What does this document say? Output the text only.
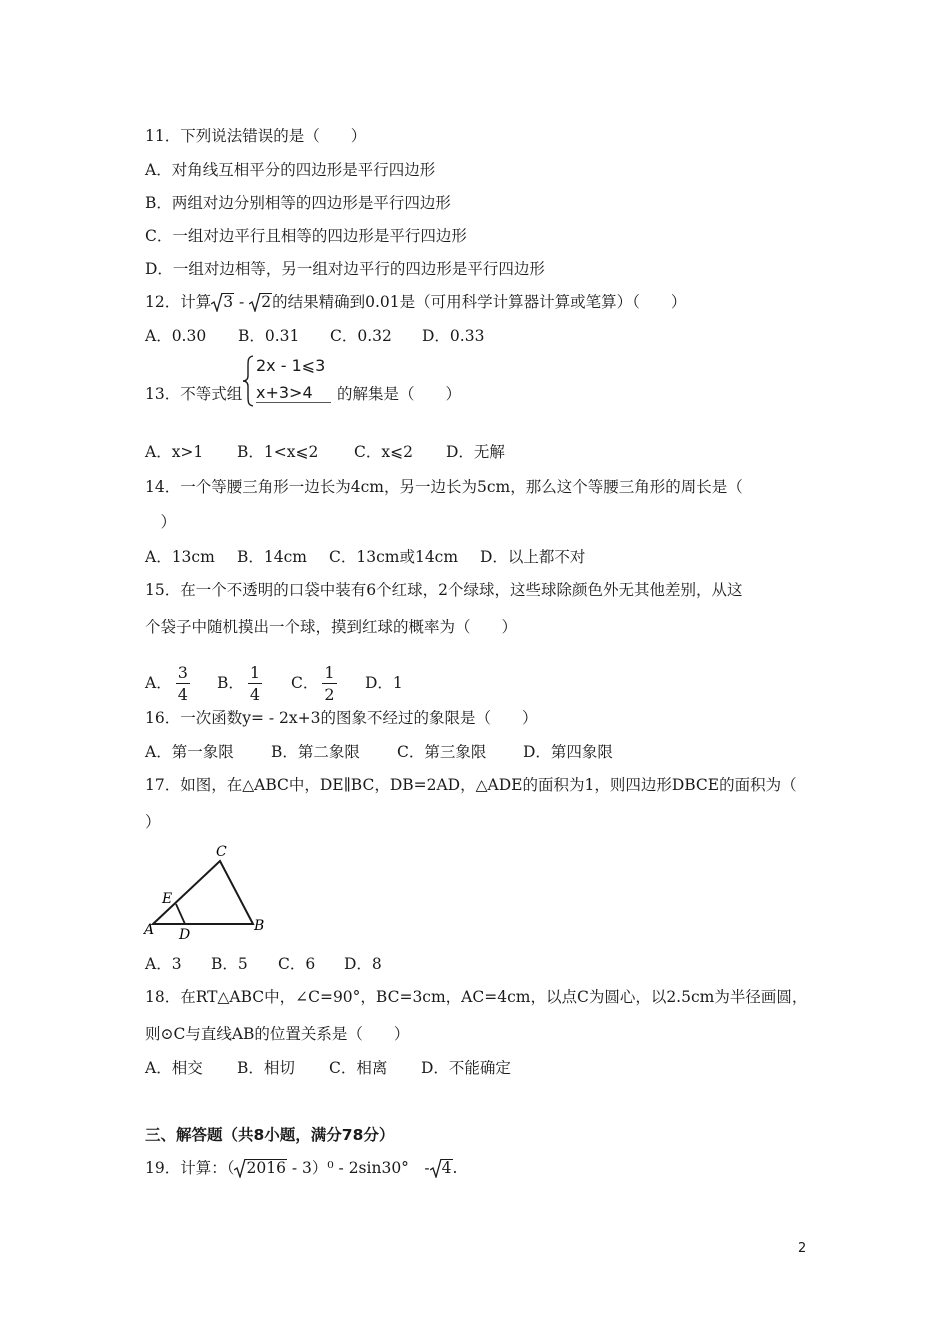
11．下列说法错误的是（　　）
A．对角线互相平分的四边形是平行四边形
B．两组对边分别相等的四边形是平行四边形
C．一组对边平行且相等的四边形是平行四边形
D．一组对边相等，另一组对边平行的四边形是平行四边形
12．计算 3 -
2的结果精确到0.01是（可用科学计算器计算或笔算）（　　）
A．0.30 B．0.31 C．0.32 D．0.33
13．不等式组
2x - 1⩽3
x+3>4	的解集是（　　）
A．x>1 B．1<x⩽2 C．x⩽2 D．无解
14．一个等腰三角形一边长为4cm，另一边长为5cm，那么这个等腰三角形的周长是（
　）
A．13cm B．14cm C．13cm或14cm D．以上都不对
15．在一个不透明的口袋中装有6个红球，2个绿球，这些球除颜色外无其他差别，从这
个袋子中随机摸出一个球，摸到红球的概率为（　　）
A． $\frac{3}{4}$ B． $\frac{1}{4}$ C． $\frac{1}{2}$ D．1
16．一次函数y= - 2x+3的图象不经过的象限是（　　）
A．第一象限 B．第二象限 C．第三象限 D．第四象限
17．如图，在△ABC中，DE∥BC，DB=2AD，△ADE的面积为1，则四边形DBCE的面积为（
）
C
E
A D
B
A．3 B．5 C．6 D．8
18．在RT△ABC中，∠C=90°，BC=3cm，AC=4cm，以点C为圆心，以2.5cm为半径画圆，
则⊙C与直线AB的位置关系是（　　）
A．相交 B．相切 C．相离 D．不能确定
三、解答题（共8小题，满分78分）
19．计算：（ 2016 - 3）⁰ - 2sin30°　- 4.
2
